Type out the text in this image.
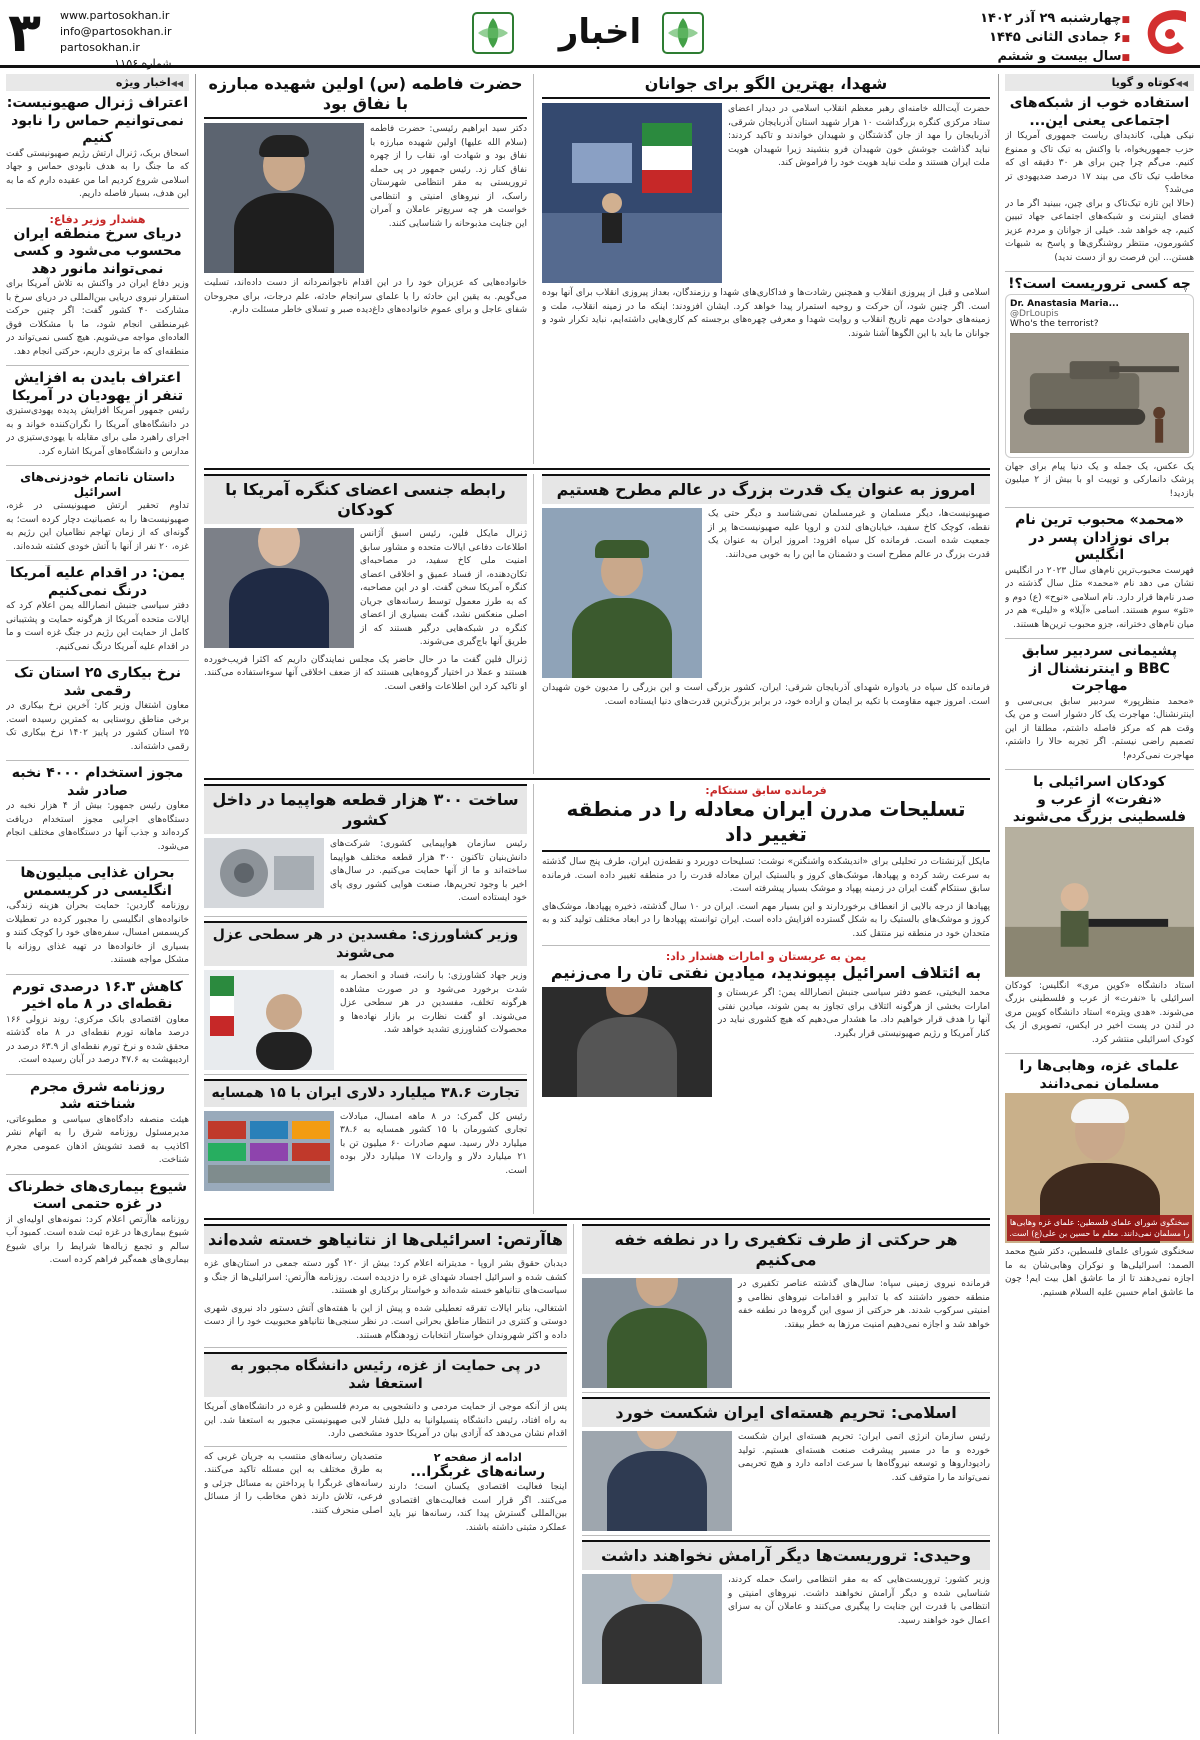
■ چهارشنبه ۲۹ آذر ۱۴۰۲
■ ۶ جمادی الثانی ۱۴۴۵
■ سال بیست و ششم
اخبار
www.partosokhan.ir
info@partosokhan.ir
partosokhan.ir
شماره ۱۱۵۶
۳
◀◀ کوتاه و گویا
استفاده خوب از شبکه‌های اجتماعی یعنی این...
نیکی هیلی، کاندیدای ریاست جمهوری آمریکا از حزب جمهوریخواه، با واکنش به تیک تاک و ممنوع کنیم. می‌گم چرا چین برای هر ۳۰ دقیقه ای که مخاطب تیک تاک می بیند ۱۷ درصد ضدیهودی تر می‌شد؟
(حالا این تازه تیک‌تاک و برای چین، ببینید اگر ما در فضای اینترنت و شبکه‌های اجتماعی جهاد تبیین کنیم، چه خواهد شد. خیلی از جوانان و مردم عزیز کشورمون، منتظر روشنگری‌ها و پاسخ به شبهات هستن... این فرصت رو از دست ندید)
چه کسی تروریست است؟!
Dr. Anastasia Maria...
@DrLoupis
Who's the terrorist?
یک عکس، یک جمله و یک دنیا پیام برای جهان پزشک دانمارکی و توییت او با بیش از ۲ میلیون بازدید!
«محمد» محبوب ترین نام برای نوزادان پسر در انگلیس
فهرست محبوب‌ترین نام‌های سال ۲۰۲۳ در انگلیس نشان می دهد نام «محمد» مثل سال گذشته در صدر نام‌ها قرار دارد. نام اسلامی «نوح» (ع) دوم و «تئو» سوم هستند. اسامی «آیلا» و «لیلی» هم در میان نام‌های دخترانه، جزو محبوب ترین‌ها هستند.
پشیمانی سردبیر سابق BBC و اینترنشنال از مهاجرت
«محمد منظرپور» سردبیر سابق بی‌بی‌سی و اینترنشنال: مهاجرت یک کار دشوار است و من یک وقت هم که مرکز فاصله داشتم، مطلقا از این تصمیم راضی نیستم. اگر تجربه حالا را داشتم، مهاجرت نمی‌کردم!
کودکان اسرائیلی با «نفرت» از عرب و فلسطینی بزرگ می‌شوند
استاد دانشگاه «کوین مری» انگلیس: کودکان اسرائیلی با «نفرت» از عرب و فلسطینی بزرگ می‌شوند. «هدی ویتره» استاد دانشگاه کویین مری در لندن در پست اخیر در ایکس، تصویری از یک کودک اسرائیلی منتشر کرد.
علمای غزه، وهابی‌ها را مسلمان نمی‌دانند
سخنگوی شورای علمای فلسطین: علمای غزه وهابی‌ها را مسلمان نمی‌دانند. معلم ما حسین بن علی(ع) است.
سخنگوی شورای علمای فلسطین، دکتر شیخ محمد الصمد: اسرائیلی‌ها و نوکران وهابی‌شان به ما اجازه نمی‌دهند تا از ما عاشق اهل بیت ایم! چون ما عاشق امام حسین علیه السلام هستیم.
◀◀ اخبار ویژه
اعتراف ژنرال صهیونیست: نمی‌توانیم حماس را نابود کنیم
اسحاق بریک، ژنرال ارتش رژیم صهیونیستی گفت که ما جنگ را به هدف نابودی حماس و جهاد اسلامی شروع کردیم اما من عقیده دارم که ما به این هدف، بسیار فاصله داریم.
هشدار وزیر دفاع:
دریای سرخ منطقه ایران محسوب می‌شود و کسی نمی‌تواند مانور دهد
وزیر دفاع ایران در واکنش به تلاش آمریکا برای استقرار نیروی دریایی بین‌المللی در دریای سرخ با مشارکت ۴۰ کشور گفت: اگر چنین حرکت غیرمنطقی انجام شود، ما با مشکلات فوق العاده‌ای مواجه می‌شویم. هیچ کسی نمی‌تواند در منطقه‌ای که ما برتری داریم، حرکتی انجام دهد.
اعتراف بایدن به افزایش تنفر از یهودیان در آمریکا
رئیس جمهور آمریکا افزایش پدیده یهودی‌ستیزی در دانشگاه‌های آمریکا را نگران‌کننده خواند و به اجرای راهبرد ملی برای مقابله با یهودی‌ستیزی در مدارس و دانشگاه‌های آمریکا اشاره کرد.
داستان ناتمام خودزنی‌های اسرائیل
تداوم تحقیر ارتش صهیونیستی در غزه، صهیونیست‌ها را به عصبانیت دچار کرده است؛ به گونه‌ای که از زمان تهاجم نظامیان این رژیم به غزه، ۲۰ نفر از آنها با آتش خودی کشته شده‌اند.
یمن: در اقدام علیه آمریکا درنگ نمی‌کنیم
دفتر سیاسی جنبش انصارالله یمن اعلام کرد که ایالات متحده آمریکا از هرگونه حمایت و پشتیبانی کامل از حمایت این رژیم در جنگ غزه است و ما در اقدام علیه آمریکا درنگ نمی‌کنیم.
نرخ بیکاری ۲۵ استان تک رقمی شد
معاون اشتغال وزیر کار: آخرین نرخ بیکاری در برخی مناطق روستایی به کمترین رسیده است. ۲۵ استان کشور در پاییز ۱۴۰۲ نرخ بیکاری تک رقمی داشته‌اند.
مجوز استخدام ۴۰۰۰ نخبه صادر شد
معاون رئیس جمهور: بیش از ۴ هزار نخبه در دستگاه‌های اجرایی مجوز استخدام دریافت کرده‌اند و جذب آنها در دستگاه‌های مختلف انجام می‌شود.
بحران غذایی میلیون‌ها انگلیسی در کریسمس
روزنامه گاردین: حمایت بحران هزینه زندگی، خانواده‌های انگلیسی را مجبور کرده در تعطیلات کریسمس امسال، سفره‌های خود را کوچک کنند و بسیاری از خانواده‌ها در تهیه غذای روزانه با مشکل مواجه هستند.
کاهش ۱۶.۳ درصدی تورم نقطه‌ای در ۸ ماه اخیر
معاون اقتصادی بانک مرکزی: روند نزولی ۱۶۶ درصد ماهانه تورم نقطه‌ای در ۸ ماه گذشته محقق شده و نرخ تورم نقطه‌ای از ۶۳.۹ درصد در اردیبهشت به ۴۷.۶ درصد در آبان رسیده است.
روزنامه شرق مجرم شناخته شد
هیئت منصفه دادگاه‌های سیاسی و مطبوعاتی، مدیرمسئول روزنامه شرق را به اتهام نشر اکاذیب به قصد تشویش اذهان عمومی مجرم شناخت.
شیوع بیماری‌های خطرناک در غزه حتمی است
روزنامه هاآرتص اعلام کرد: نمونه‌های اولیه‌ای از شیوع بیماری‌ها در غزه ثبت شده است. کمبود آب سالم و تجمع زباله‌ها شرایط را برای شیوع بیماری‌های همه‌گیر فراهم کرده است.
شهدا، بهترین الگو برای جوانان
حضرت آیت‌الله خامنه‌ای رهبر معظم انقلاب اسلامی در دیدار اعضای ستاد مرکزی کنگره بزرگداشت ۱۰ هزار شهید استان آذربایجان شرقی، آذربایجان را مهد از جان گذشتگان و شهیدان خواندند و تاکید کردند: نباید گذاشت جوشش خون شهیدان فرو بنشیند زیرا شهیدان هویت ملت ایران هستند و ملت نباید هویت خود را فراموش کند.
اسلامی و قبل از پیروزی انقلاب و همچنین رشادت‌ها و فداکاری‌های شهدا و رزمندگان، بعداز پیروزی انقلاب برای آنها بوده است. اگر چنین شود، آن حرکت و روحیه استمرار پیدا خواهد کرد. ایشان افزودند: اینکه ما در زمینه انقلاب، ملت و زمینه‌های حوادث مهم تاریخ انقلاب و روایت شهدا و معرفی چهره‌های برجسته کم کاری‌هایی داشته‌ایم، نباید تکرار شود و جوانان ما باید با این الگوها آشنا شوند.
حضرت فاطمه (س) اولین شهیده مبارزه با نفاق بود
دکتر سید ابراهیم رئیسی: حضرت فاطمه (سلام الله علیها) اولین شهیده مبارزه با نفاق بود و شهادت او، نقاب را از چهره نفاق کنار زد. رئیس جمهور در پی حمله تروریستی به مقر انتظامی شهرستان راسک، از نیروهای امنیتی و انتظامی خواست هر چه سریع‌تر عاملان و آمران این جنایت مذبوحانه را شناسایی کنند.
خانواده‌هایی که عزیزان خود را در این اقدام ناجوانمردانه از دست داده‌اند، تسلیت می‌گویم. به یقین این حادثه را با علمای سرانجام حادثه، علم درجات، برای مجروحان شفای عاجل و برای عموم خانواده‌های داغ‌دیده صبر و تسلای خاطر مسئلت دارم.
امروز به عنوان یک قدرت بزرگ در عالم مطرح هستیم
صهیونیست‌ها، دیگر مسلمان و غیرمسلمان نمی‌شناسد و دیگر حتی یک نقطه، کوچک کاخ سفید، خیابان‌های لندن و اروپا علیه صهیونیست‌ها پر از جمعیت شده است. فرمانده کل سپاه افزود: امروز ایران به عنوان یک قدرت بزرگ در عالم مطرح است و دشمنان ما این را به خوبی می‌دانند.
فرمانده کل سپاه در یادواره شهدای آذربایجان شرقی: ایران، کشور بزرگی است و این بزرگی را مدیون خون شهیدان است. امروز جبهه مقاومت با تکیه بر ایمان و اراده خود، در برابر بزرگ‌ترین قدرت‌های دنیا ایستاده است.
رابطه جنسی اعضای کنگره آمریکا با کودکان
ژنرال مایکل فلین، رئیس اسبق آژانس اطلاعات دفاعی ایالات متحده و مشاور سابق امنیت ملی کاخ سفید، در مصاحبه‌ای تکان‌دهنده، از فساد عمیق و اخلاقی اعضای کنگره آمریکا سخن گفت. او در این مصاحبه، که به طرز معمول توسط رسانه‌های جریان اصلی منعکس نشد، گفت بسیاری از اعضای کنگره در شبکه‌هایی درگیر هستند که از طریق آنها باج‌گیری می‌شوند.
ژنرال فلین گفت ما در حال حاضر یک مجلس نمایندگان داریم که اکثرا فریب‌خورده هستند و عملا در اختیار گروه‌هایی هستند که از ضعف اخلاقی آنها سوءاستفاده می‌کنند. او تاکید کرد این اطلاعات واقعی است.
فرمانده سابق سنتکام:
تسلیحات مدرن ایران معادله را در منطقه تغییر داد
مایکل آیزنشتات در تحلیلی برای «اندیشکده واشنگتن» نوشت: تسلیحات دوربرد و نقطه‌زن ایران، طرف پنج سال گذشته به سرعت رشد کرده و پهپادها، موشک‌های کروز و بالستیک ایران معادله قدرت را در منطقه تغییر داده است. فرمانده سابق سنتکام گفت ایران در زمینه پهپاد و موشک بسیار پیشرفته است.
پهپادها از درجه بالایی از انعطاف برخوردارند و این بسیار مهم است. ایران در ۱۰ سال گذشته، ذخیره پهپادها، موشک‌های کروز و موشک‌های بالستیک را به شکل گسترده افزایش داده است. ایران توانسته پهپادها را در ابعاد مختلف تولید کند و به متحدان خود در منطقه نیز منتقل کند.
یمن به عربستان و امارات هشدار داد:
به ائتلاف اسرائیل بپیوندید، میادین نفتی تان را می‌زنیم
محمد البخیتی، عضو دفتر سیاسی جنبش انصارالله یمن: اگر عربستان و امارات بخشی از هرگونه ائتلاف برای تجاوز به یمن شوند، میادین نفتی آنها را هدف قرار خواهیم داد. ما هشدار می‌دهیم که هیچ کشوری نباید در کنار آمریکا و رژیم صهیونیستی قرار بگیرد.
ساخت ۳۰۰ هزار قطعه هواپیما در داخل کشور
رئیس سازمان هواپیمایی کشوری: شرکت‌های دانش‌بنیان تاکنون ۳۰۰ هزار قطعه مختلف هواپیما ساخته‌اند و ما از آنها حمایت می‌کنیم. در سال‌های اخیر با وجود تحریم‌ها، صنعت هوایی کشور روی پای خود ایستاده است.
وزیر کشاورزی: مفسدین در هر سطحی عزل می‌شوند
وزیر جهاد کشاورزی: با رانت، فساد و انحصار به شدت برخورد می‌شود و در صورت مشاهده هرگونه تخلف، مفسدین در هر سطحی عزل می‌شوند. او گفت نظارت بر بازار نهاده‌ها و محصولات کشاورزی تشدید خواهد شد.
تجارت ۳۸.۶ میلیارد دلاری ایران با ۱۵ همسایه
رئیس کل گمرک: در ۸ ماهه امسال، مبادلات تجاری کشورمان با ۱۵ کشور همسایه به ۳۸.۶ میلیارد دلار رسید. سهم صادرات ۶۰ میلیون تن با ۲۱ میلیارد دلار و واردات ۱۷ میلیارد دلار بوده است.
هر حرکتی از طرف تکفیری را در نطفه خفه می‌کنیم
فرمانده نیروی زمینی سپاه: سال‌های گذشته عناصر تکفیری در منطقه حضور داشتند که با تدابیر و اقدامات نیروهای نظامی و امنیتی سرکوب شدند. هر حرکتی از سوی این گروه‌ها در نطفه خفه خواهد شد و اجازه نمی‌دهیم امنیت مرزها به خطر بیفتد.
اسلامی: تحریم هسته‌ای ایران شکست خورد
رئیس سازمان انرژی اتمی ایران: تحریم هسته‌ای ایران شکست خورده و ما در مسیر پیشرفت صنعت هسته‌ای هستیم. تولید رادیوداروها و توسعه نیروگاه‌ها با سرعت ادامه دارد و هیچ تحریمی نمی‌تواند ما را متوقف کند.
وحیدی: تروریست‌ها دیگر آرامش نخواهند داشت
وزیر کشور: تروریست‌هایی که به مقر انتظامی راسک حمله کردند، شناسایی شده و دیگر آرامش نخواهند داشت. نیروهای امنیتی و انتظامی با قدرت این جنایت را پیگیری می‌کنند و عاملان آن به سزای اعمال خود خواهند رسید.
هاآرتص: اسرائیلی‌ها از نتانیاهو خسته شده‌اند
دیدبان حقوق بشر اروپا - مدیترانه اعلام کرد: بیش از ۱۲۰ گور دسته جمعی در استان‌های غزه کشف شده و اسرائیل اجساد شهدای غزه را دزدیده است. روزنامه هاآرتص: اسرائیلی‌ها از جنگ و سیاست‌های نتانیاهو خسته شده‌اند و خواستار برکناری او هستند.
اشتغالی، بنابر ایالات تفرقه تعطیلی شده و پیش از این با هفته‌های آتش دستور داد نیروی شهری دوستی و کنتری در انتظار مناطق بحرانی است. در نظر سنجی‌ها نتانیاهو محبوبیت خود را از دست داده و اکثر شهروندان خواستار انتخابات زودهنگام هستند.
در پی حمایت از غزه، رئیس دانشگاه مجبور به استعفا شد
پس از آنکه موجی از حمایت مردمی و دانشجویی به مردم فلسطین و غزه در دانشگاه‌های آمریکا به راه افتاد، رئیس دانشگاه پنسیلوانیا به دلیل فشار لابی صهیونیستی مجبور به استعفا شد. این اقدام نشان می‌دهد که آزادی بیان در آمریکا حدود مشخصی دارد.
ادامه از صفحه ۲
رسانه‌های غربگرا...
اینجا فعالیت اقتصادی یکسان است؛ دارند می‌کنند. اگر قرار است فعالیت‌های اقتصادی بین‌المللی گسترش پیدا کند، رسانه‌ها نیز باید عملکرد مثبتی داشته باشند.
متصدیان رسانه‌های منتسب به جریان غربی که به طرق مختلف به این مسئله تاکید می‌کنند. رسانه‌های غربگرا با پرداختن به مسائل جزئی و فرعی، تلاش دارند ذهن مخاطب را از مسائل اصلی منحرف کنند.
